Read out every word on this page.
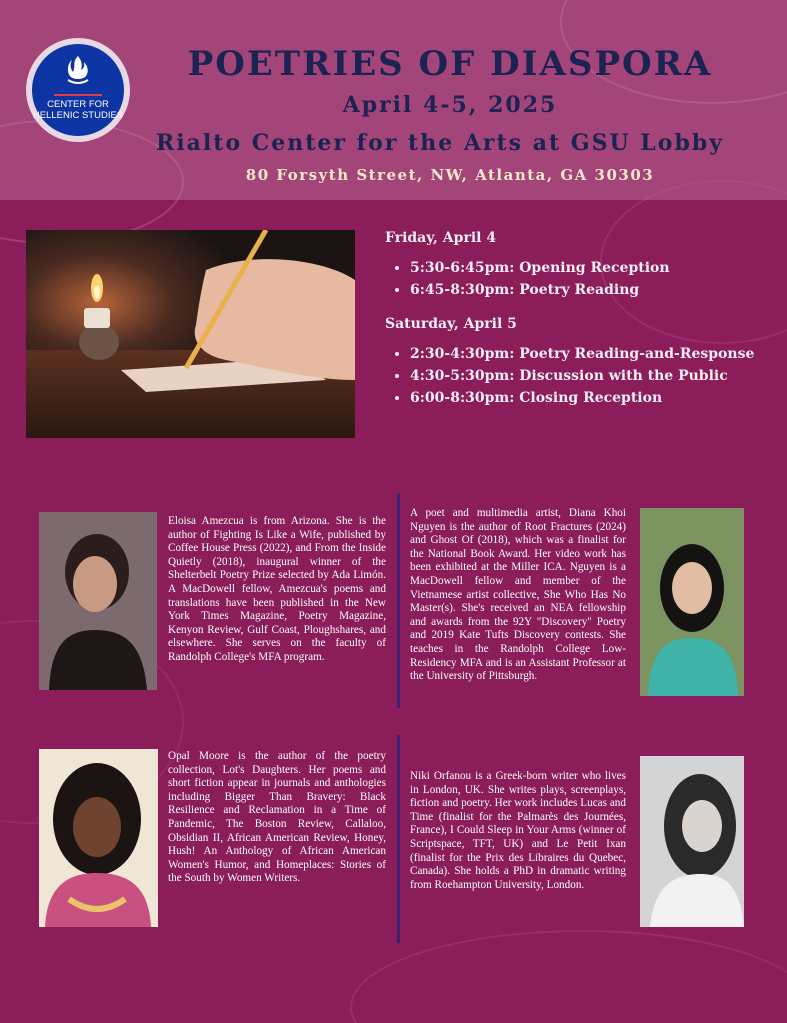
CENTER FOR
HELLENIC STUDIES
POETRIES OF DIASPORA
April 4-5, 2025
Rialto Center for the Arts at GSU Lobby
80 Forsyth Street, NW, Atlanta, GA 30303

Friday, April 4

• 5:30-6:45pm: Opening Reception
• 6:45-8:30pm: Poetry Reading

Saturday, April 5

• 2:30-4:30pm: Poetry Reading-and-Response
• 4:30-5:30pm: Discussion with the Public
• 6:00-8:30pm: Closing Reception

Eloisa Amezcua is from Arizona. She is the author of Fighting Is Like a Wife, published by Coffee House Press (2022), and From the Inside Quietly (2018), inaugural winner of the Shelterbelt Poetry Prize selected by Ada Limón. A MacDowell fellow, Amezcua's poems and translations have been published in the New York Times Magazine, Poetry Magazine, Kenyon Review, Gulf Coast, Ploughshares, and elsewhere. She serves on the faculty of Randolph College's MFA program.

A poet and multimedia artist, Diana Khoi Nguyen is the author of Root Fractures (2024) and Ghost Of (2018), which was a finalist for the National Book Award. Her video work has been exhibited at the Miller ICA. Nguyen is a MacDowell fellow and member of the Vietnamese artist collective, She Who Has No Master(s). She's received an NEA fellowship and awards from the 92Y "Discovery" Poetry and 2019 Kate Tufts Discovery contests. She teaches in the Randolph College Low-Residency MFA and is an Assistant Professor at the University of Pittsburgh.

Opal Moore is the author of the poetry collection, Lot's Daughters. Her poems and short fiction appear in journals and anthologies including Bigger Than Bravery: Black Resilience and Reclamation in a Time of Pandemic, The Boston Review, Callaloo, Obsidian II, African American Review, Honey, Hush! An Anthology of African American Women's Humor, and Homeplaces: Stories of the South by Women Writers.

Niki Orfanou is a Greek-born writer who lives in London, UK. She writes plays, screenplays, fiction and poetry. Her work includes Lucas and Time (finalist for the Palmarès des Journées, France), I Could Sleep in Your Arms (winner of Scriptspace, TFT, UK) and Le Petit Ixan (finalist for the Prix des Libraires du Quebec, Canada). She holds a PhD in dramatic writing from Roehampton University, London.
